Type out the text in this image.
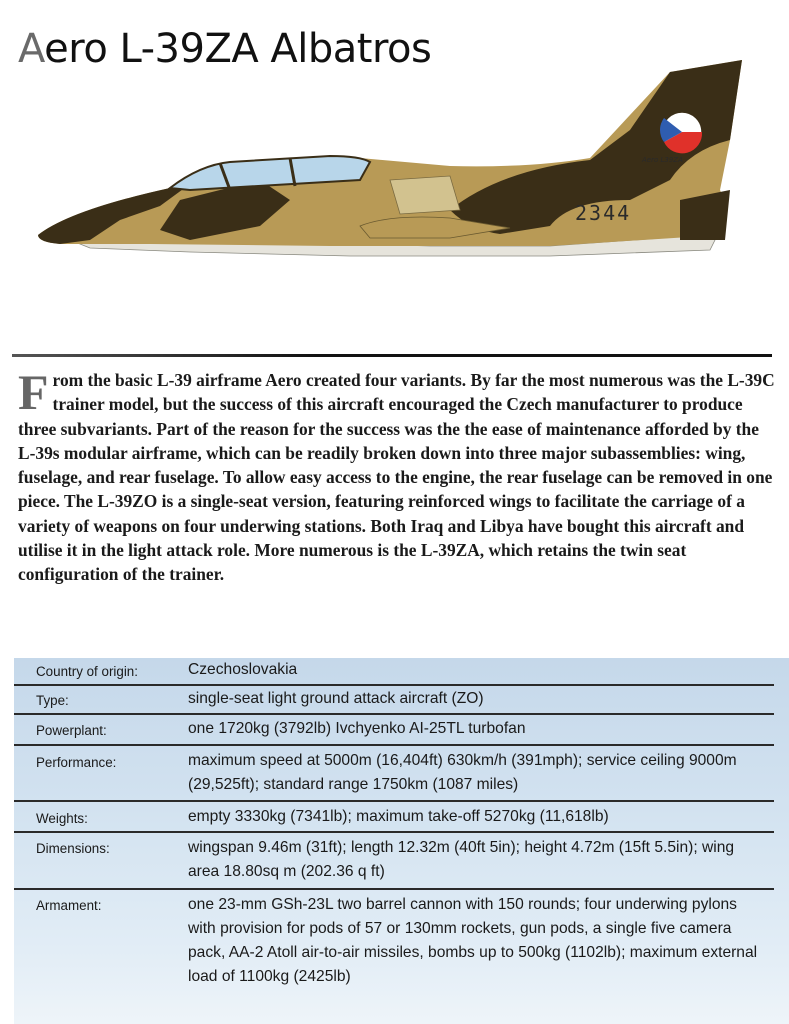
Aero L-39ZA Albatros
2344
Aero L39ZA

From the basic L-39 airframe Aero created four variants. By far the most numerous was the L-39C trainer model, but the success of this aircraft encouraged the Czech manufacturer to produce three subvariants. Part of the reason for the success was the the ease of maintenance afforded by the L-39s modular airframe, which can be readily broken down into three major subassemblies: wing, fuselage, and rear fuselage. To allow easy access to the engine, the rear fuselage can be removed in one piece. The L-39ZO is a single-seat version, featuring reinforced wings to facilitate the carriage of a variety of weapons on four underwing stations. Both Iraq and Libya have bought this aircraft and utilise it in the light attack role. More numerous is the L-39ZA, which retains the twin seat configuration of the trainer.

Country of origin:	Czechoslovakia
Type:	single-seat light ground attack aircraft (ZO)
Powerplant:	one 1720kg (3792lb) Ivchyenko AI-25TL turbofan
Performance:	maximum speed at 5000m (16,404ft) 630km/h (391mph); service ceiling 9000m (29,525ft); standard range 1750km (1087 miles)
Weights:	empty 3330kg (7341lb); maximum take-off 5270kg (11,618lb)
Dimensions:	wingspan 9.46m (31ft); length 12.32m (40ft 5in); height 4.72m (15ft 5.5in); wing area 18.80sq m (202.36 q ft)
Armament:	one 23-mm GSh-23L two barrel cannon with 150 rounds; four underwing pylons with provision for pods of 57 or 130mm rockets, gun pods, a single five camera pack, AA-2 Atoll air-to-air missiles, bombs up to 500kg (1102lb); maximum external load of 1100kg (2425lb)
